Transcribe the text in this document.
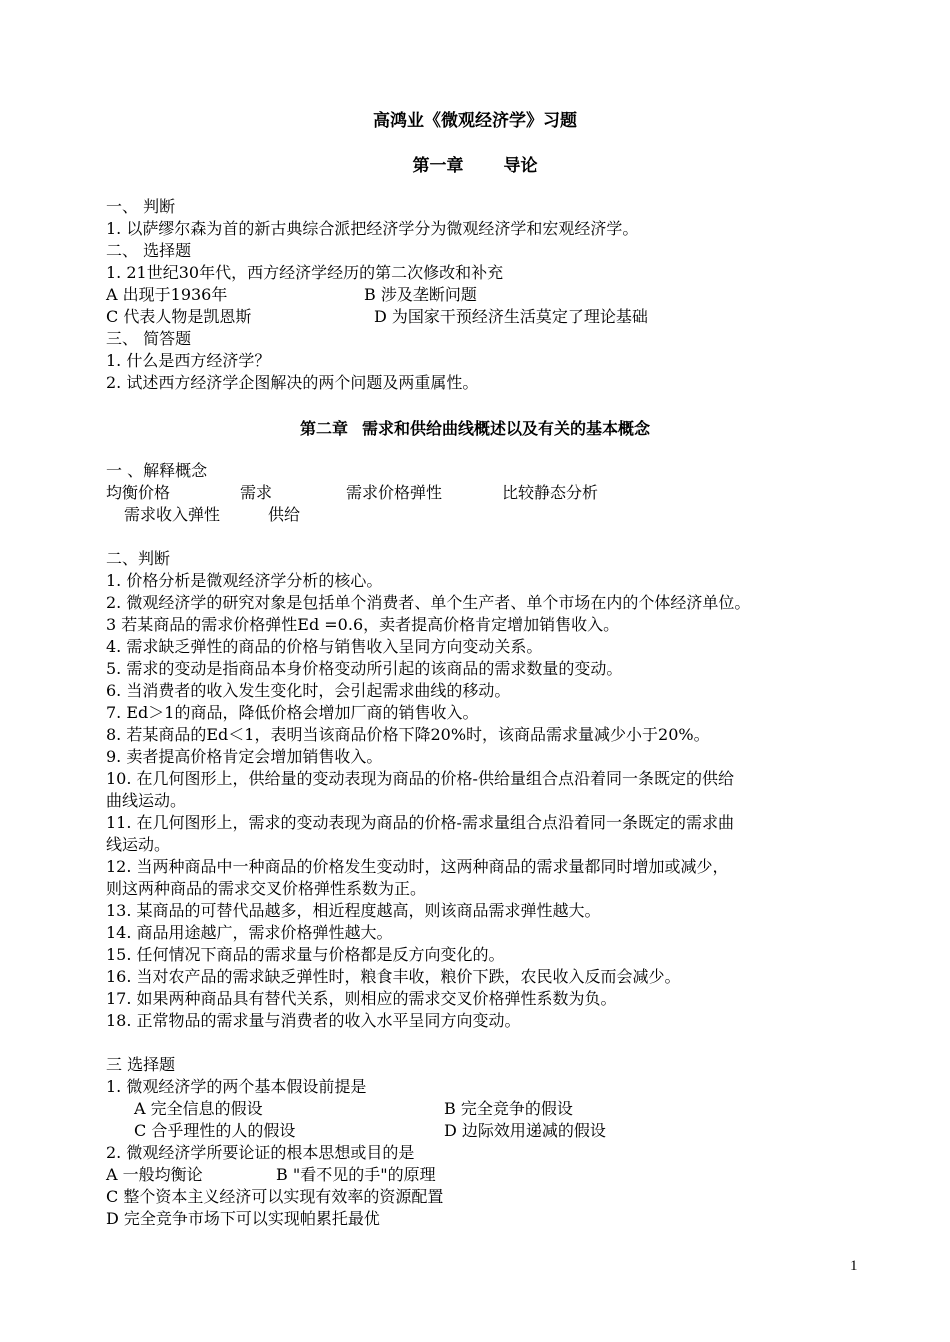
高鸿业《微观经济学》习题
第一章 导论
一、 判断
1. 以萨缪尔森为首的新古典综合派把经济学分为微观经济学和宏观经济学。
二、 选择题
1. 21世纪30年代，西方经济学经历的第二次修改和补充
A 出现于1936年	B 涉及垄断问题
C 代表人物是凯恩斯	D 为国家干预经济生活莫定了理论基础
三、 简答题
1. 什么是西方经济学？
2. 试述西方经济学企图解决的两个问题及两重属性。
第二章 需求和供给曲线概述以及有关的基本概念
一 、解释概念
均衡价格	需求	需求价格弹性	比较静态分析
需求收入弹性	供给
二、判断
1. 价格分析是微观经济学分析的核心。
2. 微观经济学的研究对象是包括单个消费者、单个生产者、单个市场在内的个体经济单位。
3 若某商品的需求价格弹性Ed =0.6，卖者提高价格肯定增加销售收入。
4. 需求缺乏弹性的商品的价格与销售收入呈同方向变动关系。
5. 需求的变动是指商品本身价格变动所引起的该商品的需求数量的变动。
6. 当消费者的收入发生变化时，会引起需求曲线的移动。
7. Ed＞1的商品，降低价格会增加厂商的销售收入。
8. 若某商品的Ed＜1，表明当该商品价格下降20%时，该商品需求量减少小于20%。
9. 卖者提高价格肯定会增加销售收入。
10. 在几何图形上，供给量的变动表现为商品的价格-供给量组合点沿着同一条既定的供给
曲线运动。
11. 在几何图形上，需求的变动表现为商品的价格-需求量组合点沿着同一条既定的需求曲
线运动。
12. 当两种商品中一种商品的价格发生变动时，这两种商品的需求量都同时增加或减少，
则这两种商品的需求交叉价格弹性系数为正。
13. 某商品的可替代品越多，相近程度越高，则该商品需求弹性越大。
14. 商品用途越广，需求价格弹性越大。
15. 任何情况下商品的需求量与价格都是反方向变化的。
16. 当对农产品的需求缺乏弹性时，粮食丰收，粮价下跌，农民收入反而会减少。
17. 如果两种商品具有替代关系，则相应的需求交叉价格弹性系数为负。
18. 正常物品的需求量与消费者的收入水平呈同方向变动。
三 选择题
1. 微观经济学的两个基本假设前提是
A 完全信息的假设	B 完全竞争的假设
C 合乎理性的人的假设	D 边际效用递减的假设
2. 微观经济学所要论证的根本思想或目的是
A 一般均衡论	B "看不见的手"的原理
C 整个资本主义经济可以实现有效率的资源配置
D 完全竞争市场下可以实现帕累托最优
1
